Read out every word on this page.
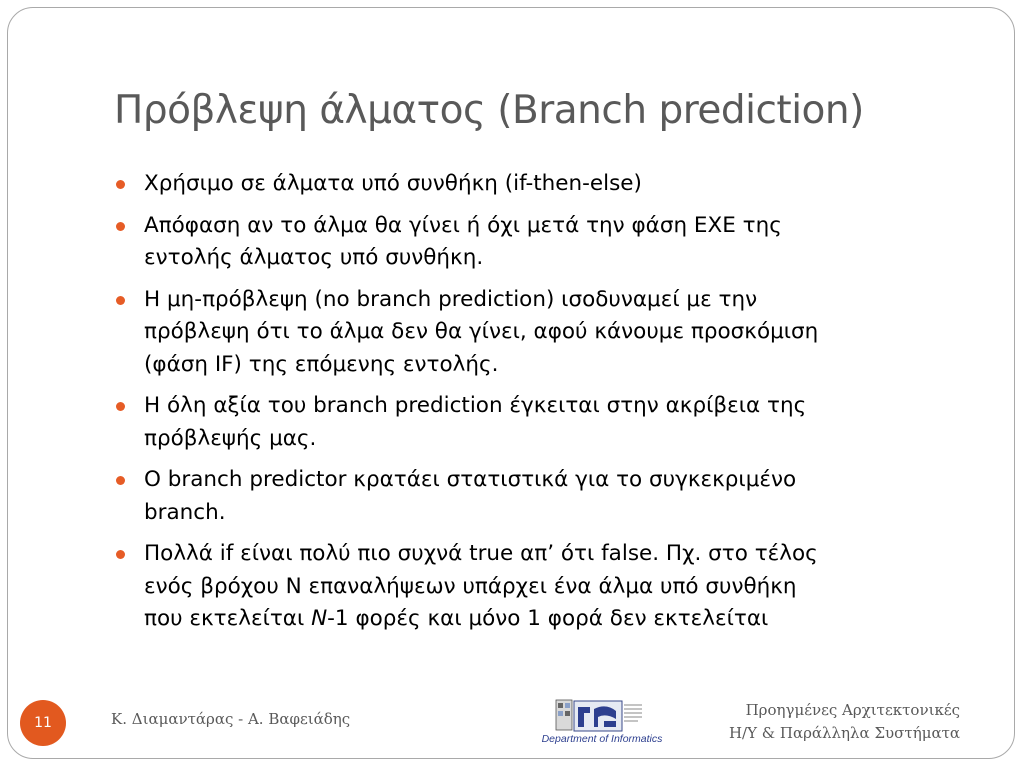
Πρόβλεψη άλματος (Branch prediction)
Χρήσιμο σε άλματα υπό συνθήκη (if-then-else)
Απόφαση αν το άλμα θα γίνει ή όχι μετά την φάση EXE της
εντολής άλματος υπό συνθήκη.
Η μη-πρόβλεψη (no branch prediction) ισοδυναμεί με την
πρόβλεψη ότι το άλμα δεν θα γίνει, αφού κάνουμε προσκόμιση
(φάση IF) της επόμενης εντολής.
Η όλη αξία του branch prediction έγκειται στην ακρίβεια της
πρόβλεψής μας.
O branch predictor κρατάει στατιστικά για το συγκεκριμένο
branch.
Πολλά if είναι πολύ πιο συχνά true απ’ ότι false. Πχ. στο τέλος
ενός βρόχου Ν επαναλήψεων υπάρχει ένα άλμα υπό συνθήκη
που εκτελείται N-1 φορές και μόνο 1 φορά δεν εκτελείται
11	Κ. Διαμαντάρας - Α. Βαφειάδης
Department of Informatics
Προηγμένες Αρχιτεκτονικές
Η/Υ & Παράλληλα Συστήματα
